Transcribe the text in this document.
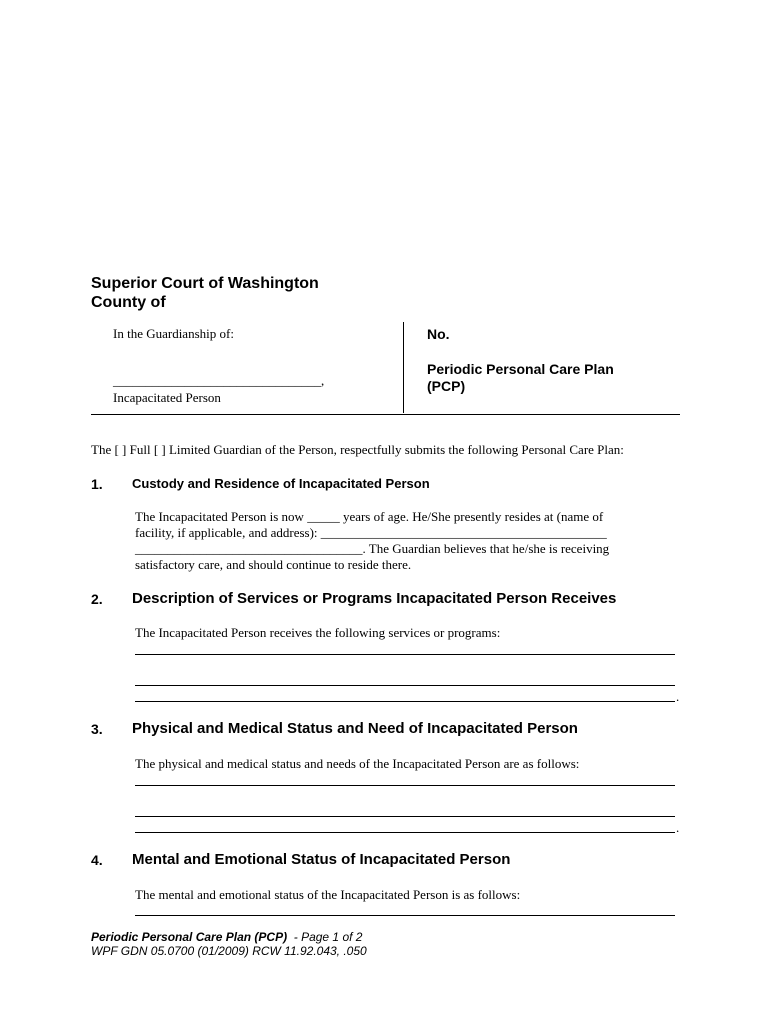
Superior Court of Washington
County of
In the Guardianship of:
________________________________,
Incapacitated Person
No.
Periodic Personal Care Plan
(PCP)
The [ ] Full [ ] Limited Guardian of the Person, respectfully submits the following Personal Care Plan:
1. Custody and Residence of Incapacitated Person
The Incapacitated Person is now _____ years of age. He/She presently resides at (name of
facility, if applicable, and address): ____________________________________________
___________________________________. The Guardian believes that he/she is receiving
satisfactory care, and should continue to reside there.
2. Description of Services or Programs Incapacitated Person Receives
The Incapacitated Person receives the following services or programs:
.
3. Physical and Medical Status and Need of Incapacitated Person
The physical and medical status and needs of the Incapacitated Person are as follows:
.
4. Mental and Emotional Status of Incapacitated Person
The mental and emotional status of the Incapacitated Person is as follows:
Periodic Personal Care Plan (PCP)  - Page 1 of 2
WPF GDN 05.0700 (01/2009) RCW 11.92.043, .050
